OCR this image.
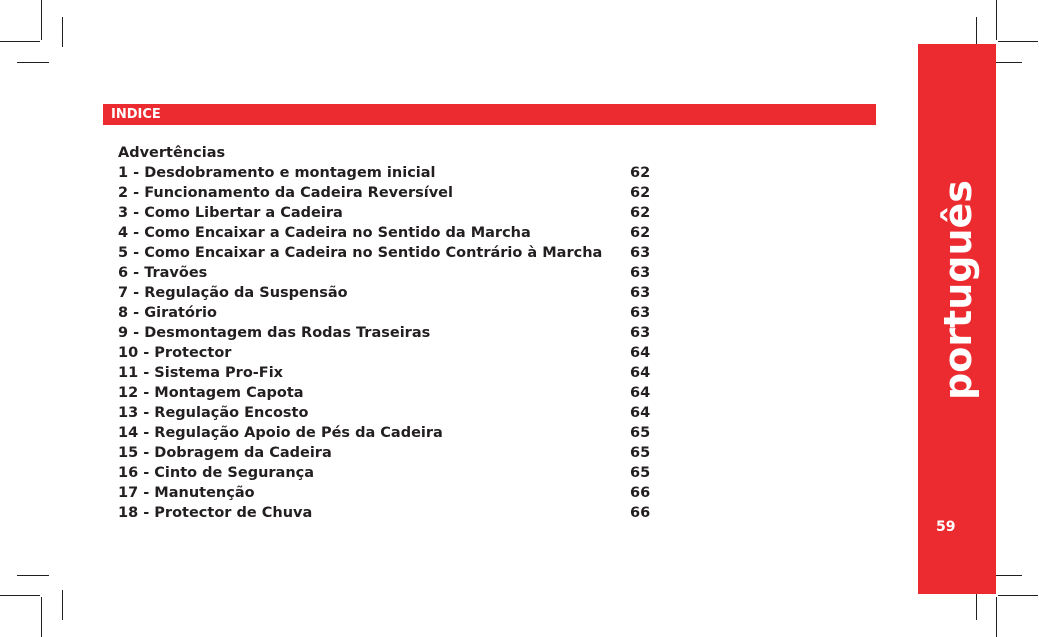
INDICE
Advertências
1 - Desdobramento e montagem inicial	62
2 - Funcionamento da Cadeira Reversível	62
3 - Como Libertar a Cadeira	62
4 - Como Encaixar a Cadeira no Sentido da Marcha	62
5 - Como Encaixar a Cadeira no Sentido Contrário à Marcha 63
6 - Travões	63
7 - Regulação da Suspensão	63
8 - Giratório	63
9 - Desmontagem das Rodas Traseiras	63
10 - Protector	64
11 - Sistema Pro-Fix	64
12 - Montagem Capota	64
13 - Regulação Encosto	64
14 - Regulação Apoio de Pés da Cadeira	65
15 - Dobragem da Cadeira	65
16 - Cinto de Segurança	65
17 - Manutenção	66
18 - Protector de Chuva	66
português
59
